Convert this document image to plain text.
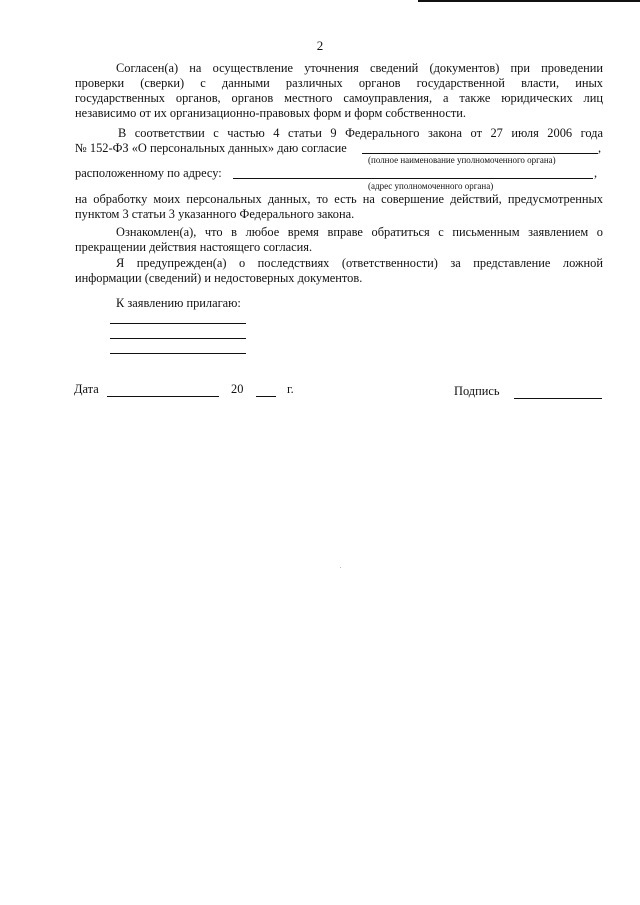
2
Согласен(а) на осуществление уточнения сведений (документов) при проведении
проверки (сверки) с данными различных органов государственной власти, иных
государственных органов, органов местного самоуправления, а также юридических лиц
независимо от их организационно-правовых форм и форм собственности.
В соответствии с частью 4 статьи 9 Федерального закона от 27 июля 2006 года
№ 152-ФЗ «О персональных данных» даю согласие	,
(полное наименование уполномоченного органа)
расположенному по адресу:	,
(адрес уполномоченного органа)
на обработку моих персональных данных, то есть на совершение действий, предусмотренных
пунктом 3 статьи 3 указанного Федерального закона.
Ознакомлен(а), что в любое время вправе обратиться с письменным заявлением о
прекращении действия настоящего согласия.
Я предупрежден(а) о последствиях (ответственности) за представление ложной
информации (сведений) и недостоверных документов.
К заявлению прилагаю:
Дата	20	г.	Подпись
